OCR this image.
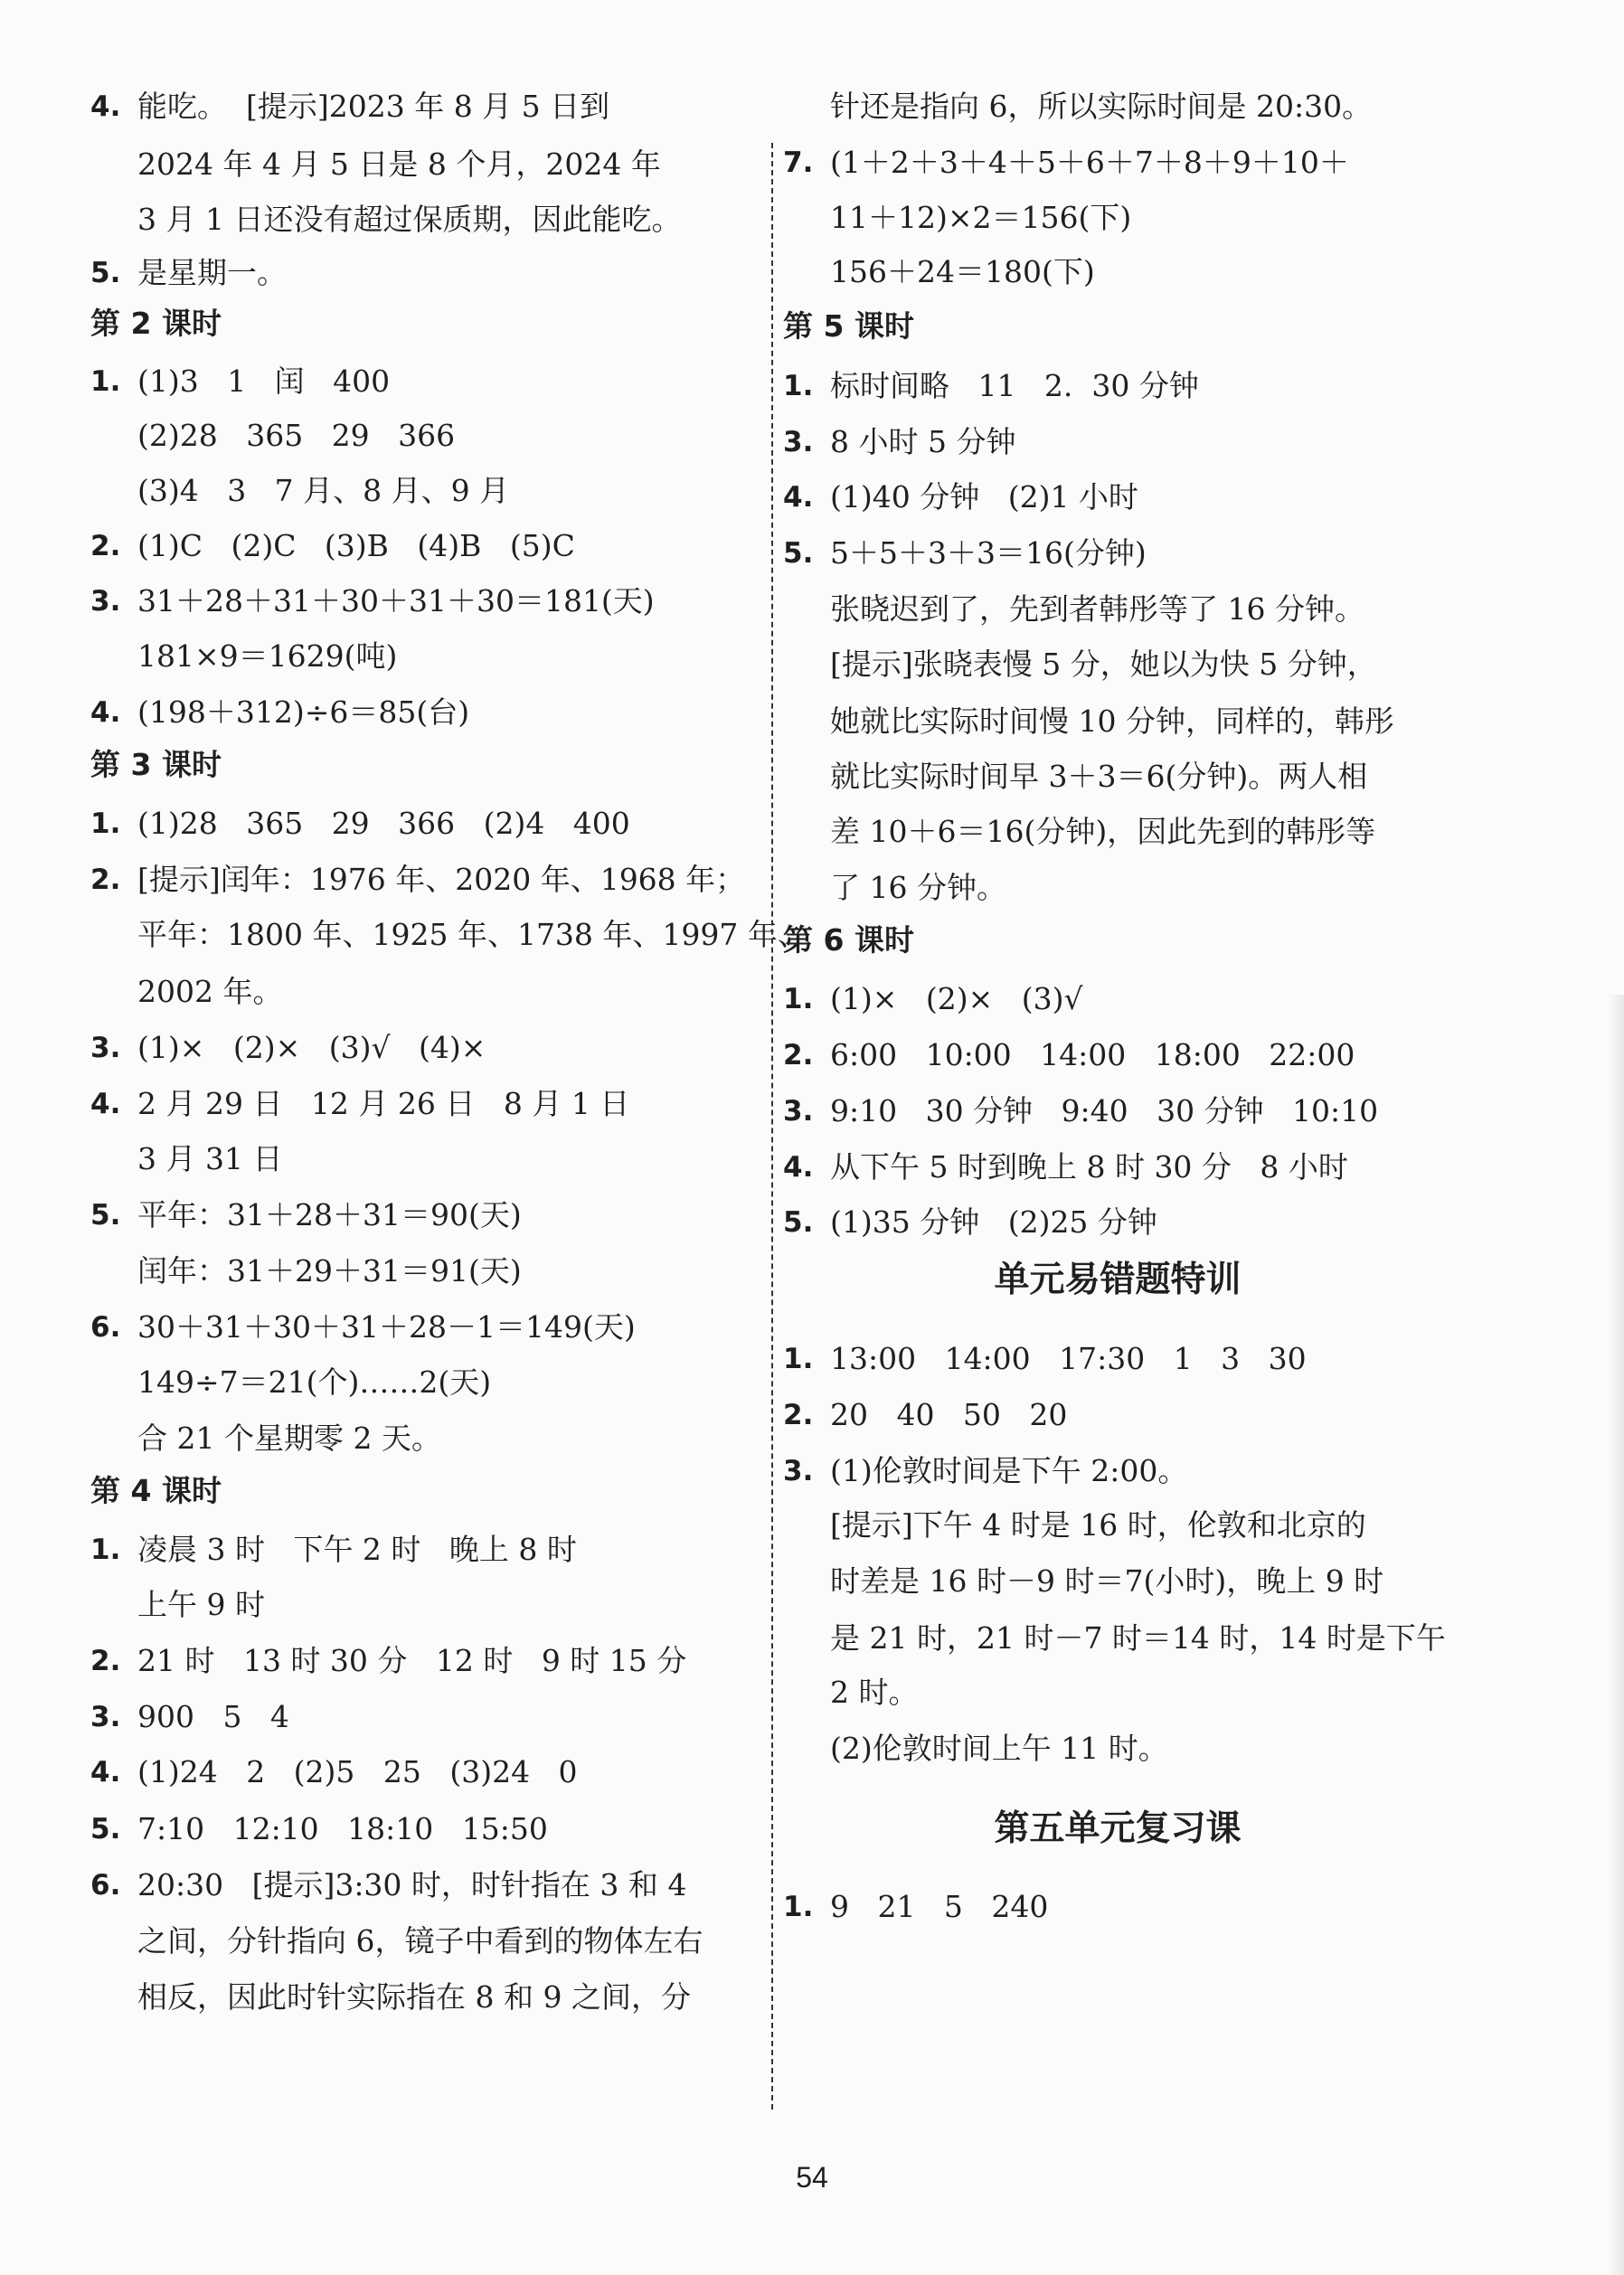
4. 能吃。  [提示]2023 年 8 月 5 日到
2024 年 4 月 5 日是 8 个月，2024 年
3 月 1 日还没有超过保质期，因此能吃。
5. 是星期一。
第 2 课时
1. (1)3   1   闰   400
(2)28   365   29   366
(3)4   3   7 月、8 月、9 月
2. (1)C   (2)C   (3)B   (4)B   (5)C
3. 31＋28＋31＋30＋31＋30＝181(天)
181×9＝1629(吨)
4. (198＋312)÷6＝85(台)
第 3 课时
1. (1)28   365   29   366   (2)4   400
2. [提示]闰年：1976 年、2020 年、1968 年；
平年：1800 年、1925 年、1738 年、1997 年、
2002 年。
3. (1)×   (2)×   (3)√   (4)×
4. 2 月 29 日   12 月 26 日   8 月 1 日
3 月 31 日
5. 平年：31＋28＋31＝90(天)
闰年：31＋29＋31＝91(天)
6. 30＋31＋30＋31＋28－1＝149(天)
149÷7＝21(个)……2(天)
合 21 个星期零 2 天。
第 4 课时
1. 凌晨 3 时   下午 2 时   晚上 8 时
上午 9 时
2. 21 时   13 时 30 分   12 时   9 时 15 分
3. 900   5   4
4. (1)24   2   (2)5   25   (3)24   0
5. 7:10   12:10   18:10   15:50
6. 20:30   [提示]3:30 时，时针指在 3 和 4
之间，分针指向 6，镜子中看到的物体左右
相反，因此时针实际指在 8 和 9 之间，分
针还是指向 6，所以实际时间是 20:30。
7. (1＋2＋3＋4＋5＋6＋7＋8＋9＋10＋
11＋12)×2＝156(下)
156＋24＝180(下)
第 5 课时
1. 标时间略   11   2.  30 分钟
3. 8 小时 5 分钟
4. (1)40 分钟   (2)1 小时
5. 5＋5＋3＋3＝16(分钟)
张晓迟到了，先到者韩彤等了 16 分钟。
[提示]张晓表慢 5 分，她以为快 5 分钟，
她就比实际时间慢 10 分钟，同样的，韩彤
就比实际时间早 3＋3＝6(分钟)。两人相
差 10＋6＝16(分钟)，因此先到的韩彤等
了 16 分钟。
第 6 课时
1. (1)×   (2)×   (3)√
2. 6:00   10:00   14:00   18:00   22:00
3. 9:10   30 分钟   9:40   30 分钟   10:10
4. 从下午 5 时到晚上 8 时 30 分   8 小时
5. (1)35 分钟   (2)25 分钟
单元易错题特训
1. 13:00   14:00   17:30   1   3   30
2. 20   40   50   20
3. (1)伦敦时间是下午 2:00。
[提示]下午 4 时是 16 时，伦敦和北京的
时差是 16 时－9 时＝7(小时)，晚上 9 时
是 21 时，21 时－7 时＝14 时，14 时是下午
2 时。
(2)伦敦时间上午 11 时。
第五单元复习课
1. 9   21   5   240
54
